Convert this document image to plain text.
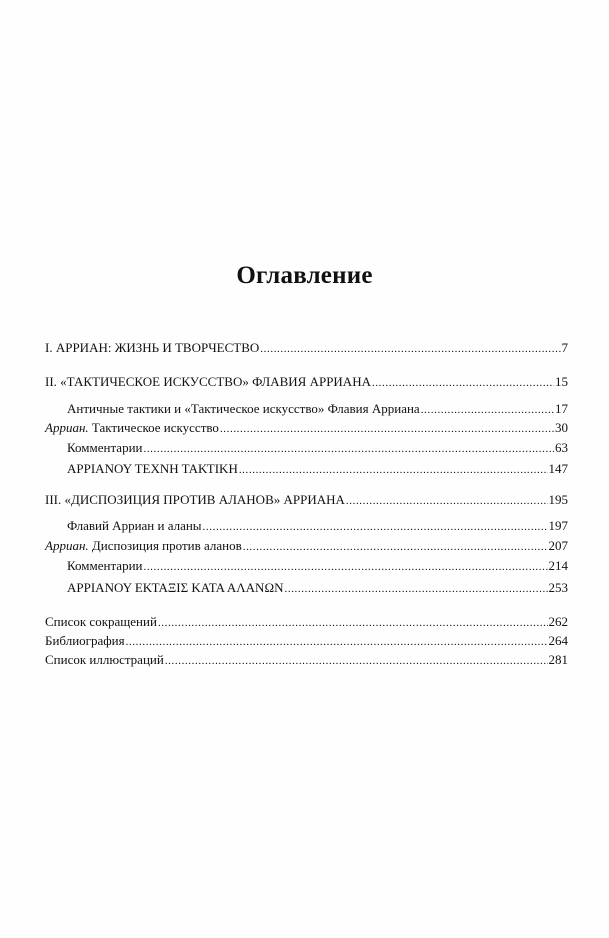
Оглавление
I. АРРИАН: ЖИЗНЬ И ТВОРЧЕСТВО .....	7
II. «ТАКТИЧЕСКОЕ ИСКУССТВО» ФЛАВИЯ АРРИАНА .....	15
Античные тактики и «Тактическое искусство» Флавия Арриана .....	17
Арриан. Тактическое искусство .....	30
Комментарии .....	63
ΑΡΡΙΑΝΟΥ ΤΕΧΝΗ ΤΑΚΤΙΚΗ .....	147
III. «ДИСПОЗИЦИЯ ПРОТИВ АЛАНОВ» АРРИАНА .....	195
Флавий Арриан и аланы .....	197
Арриан. Диспозиция против аланов .....	207
Комментарии .....	214
ΑΡΡΙΑΝΟΥ ΕΚΤΑΞΙΣ ΚΑΤΑ ΑΛΑΝΩΝ .....	253
Список сокращений .....	262
Библиография .....	264
Список иллюстраций .....	281
